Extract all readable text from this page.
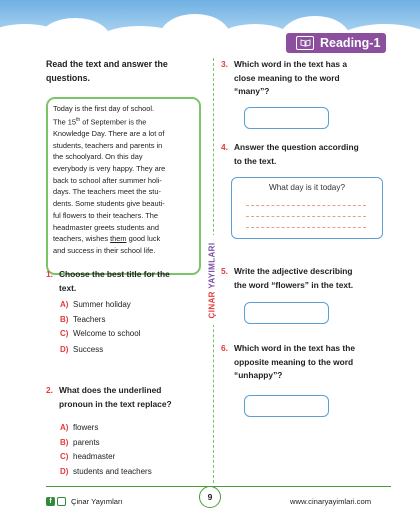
Reading-1
Read the text and answer the
questions.
Today is the first day of school.
The 15th of September is the
Knowledge Day. There are a lot of
students, teachers and parents in
the schoolyard. On this day
everybody is very happy. They are
back to school after summer holi-
days. The teachers meet the stu-
dents. Some students give beauti-
ful flowers to their teachers. The
headmaster greets students and
teachers, wishes them good luck
and success in their school life.
ÇINAR YAYIMLARI
1. Choose the best title for the
text.
A) Summer holiday
B) Teachers
C) Welcome to school
D) Success
2. What does the underlined
pronoun in the text replace?
A) flowers
B) parents
C) headmaster
D) students and teachers
3. Which word in the text has a
close meaning to the word
“many”?
4. Answer the question according
to the text.
What day is it today?
5. Write the adjective describing
the word “flowers” in the text.
6. Which word in the text has the
opposite meaning to the word
“unhappy”?
f	Çinar Yayımları	9	www.cinaryayimlari.com
